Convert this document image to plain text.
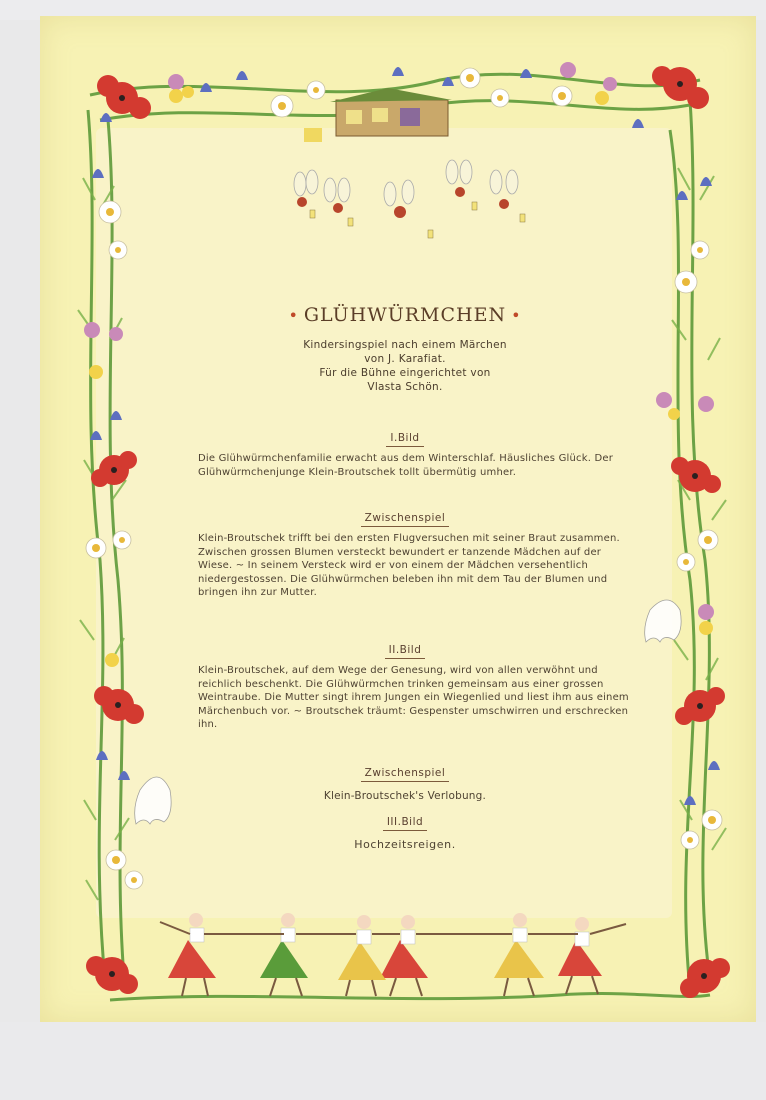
• GLÜHWÜRMCHEN •
Kindersingspiel nach einem Märchen
von J. Karafiat.
Für die Bühne eingerichtet von
Vlasta Schön.
I.Bild
Die Glühwürmchenfamilie erwacht aus dem Winterschlaf. Häusliches Glück. Der Glühwürmchenjunge Klein-Broutschek tollt übermütig umher.
Zwischenspiel
Klein-Broutschek trifft bei den ersten Flugversuchen mit seiner Braut zusammen. Zwischen grossen Blumen versteckt bewundert er tanzende Mädchen auf der Wiese. ~ In seinem Versteck wird er von einem der Mädchen versehentlich niedergestossen. Die Glühwürmchen beleben ihn mit dem Tau der Blumen und bringen ihn zur Mutter.
II.Bild
Klein-Broutschek, auf dem Wege der Genesung, wird von allen verwöhnt und reichlich beschenkt. Die Glühwürmchen trinken gemeinsam aus einer grossen Weintraube. Die Mutter singt ihrem Jungen ein Wiegenlied und liest ihm aus einem Märchenbuch vor. ~ Broutschek träumt: Gespenster umschwirren und erschrecken ihn.
Zwischenspiel
Klein-Broutschek's Verlobung.
III.Bild
Hochzeitsreigen.
